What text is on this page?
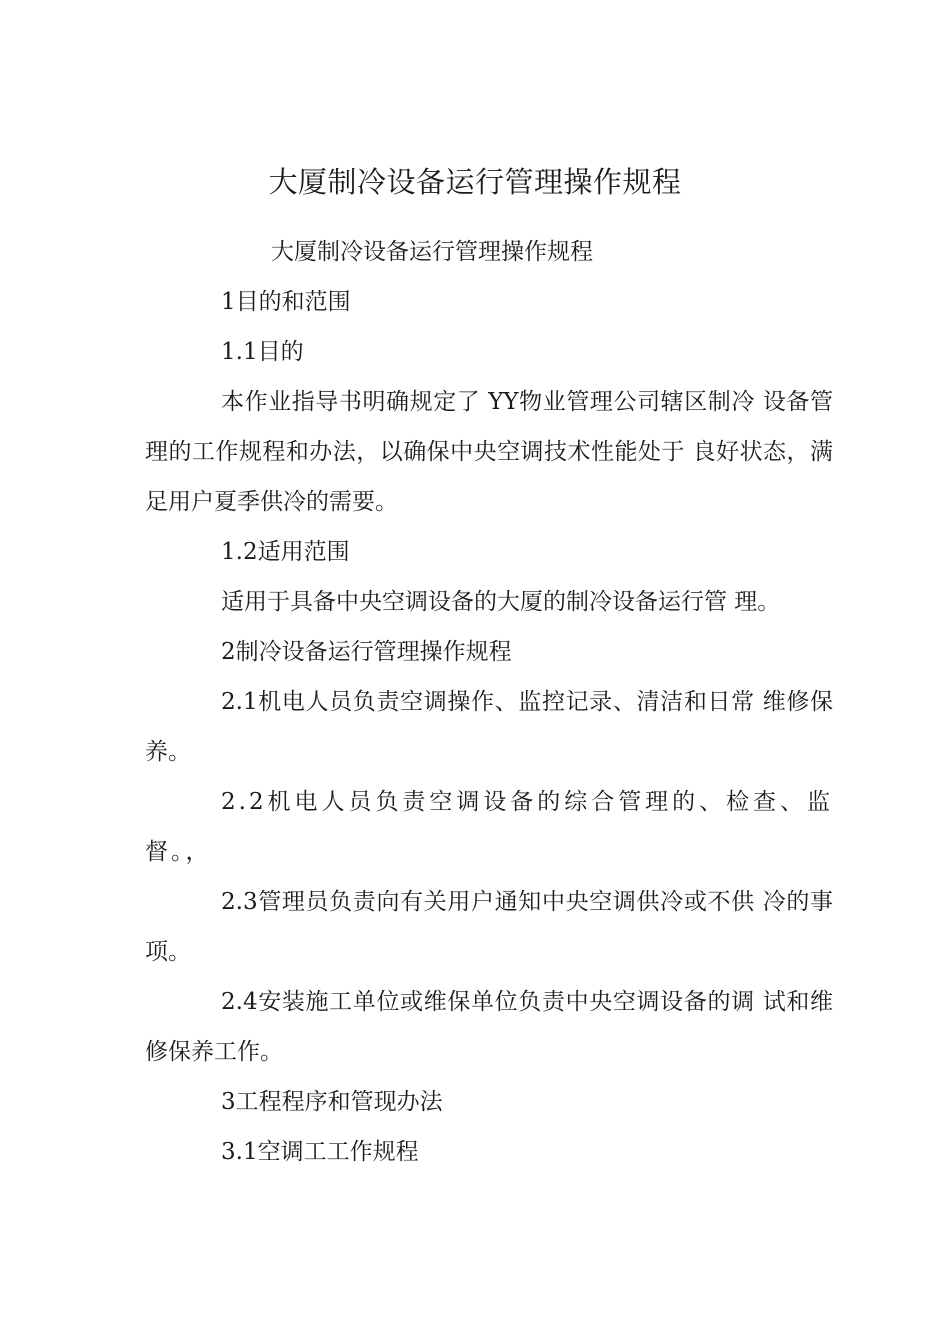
大厦制冷设备运行管理操作规程

大厦制冷设备运行管理操作规程

1目的和范围

1.1目的

本作业指导书明确规定了 YY物业管理公司辖区制冷 设备管理的工作规程和办法，以确保中央空调技术性能处于 良好状态，满足用户夏季供冷的需要。

1.2适用范围

适用于具备中央空调设备的大厦的制冷设备运行管 理。

2制冷设备运行管理操作规程

2.1机电人员负责空调操作、监控记录、清洁和日常 维修保养。

2.2机电人员负责空调设备的综合管理的、检查、监督。，

2.3管理员负责向有关用户通知中央空调供冷或不供 冷的事项。

2.4安装施工单位或维保单位负责中央空调设备的调 试和维修保养工作。

3工程程序和管现办法

3.1空调工工作规程
